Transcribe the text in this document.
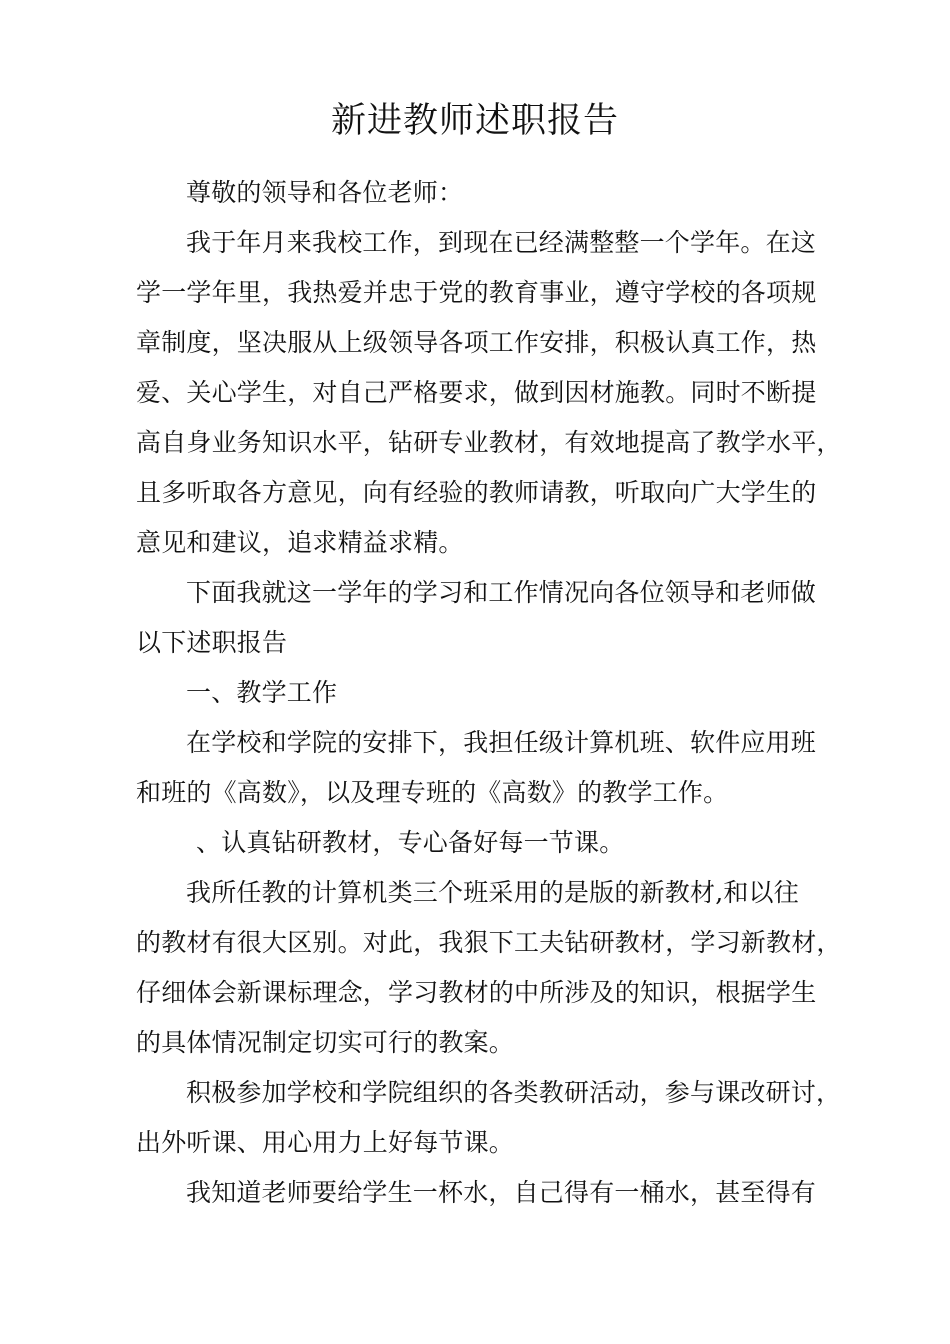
新进教师述职报告
尊敬的领导和各位老师：
我于年月来我校工作，到现在已经满整整一个学年。在这
学一学年里，我热爱并忠于党的教育事业，遵守学校的各项规
章制度，坚决服从上级领导各项工作安排，积极认真工作，热
爱、关心学生，对自己严格要求，做到因材施教。同时不断提
高自身业务知识水平，钻研专业教材，有效地提高了教学水平，
且多听取各方意见，向有经验的教师请教，听取向广大学生的
意见和建议，追求精益求精。
下面我就这一学年的学习和工作情况向各位领导和老师做
以下述职报告
一、教学工作
在学校和学院的安排下，我担任级计算机班、软件应用班
和班的《高数》，以及理专班的《高数》的教学工作。
、认真钻研教材，专心备好每一节课。
我所任教的计算机类三个班采用的是版的新教材,和以往
的教材有很大区别。对此，我狠下工夫钻研教材，学习新教材，
仔细体会新课标理念，学习教材的中所涉及的知识，根据学生
的具体情况制定切实可行的教案。
积极参加学校和学院组织的各类教研活动，参与课改研讨，
出外听课、用心用力上好每节课。
我知道老师要给学生一杯水，自己得有一桶水，甚至得有
